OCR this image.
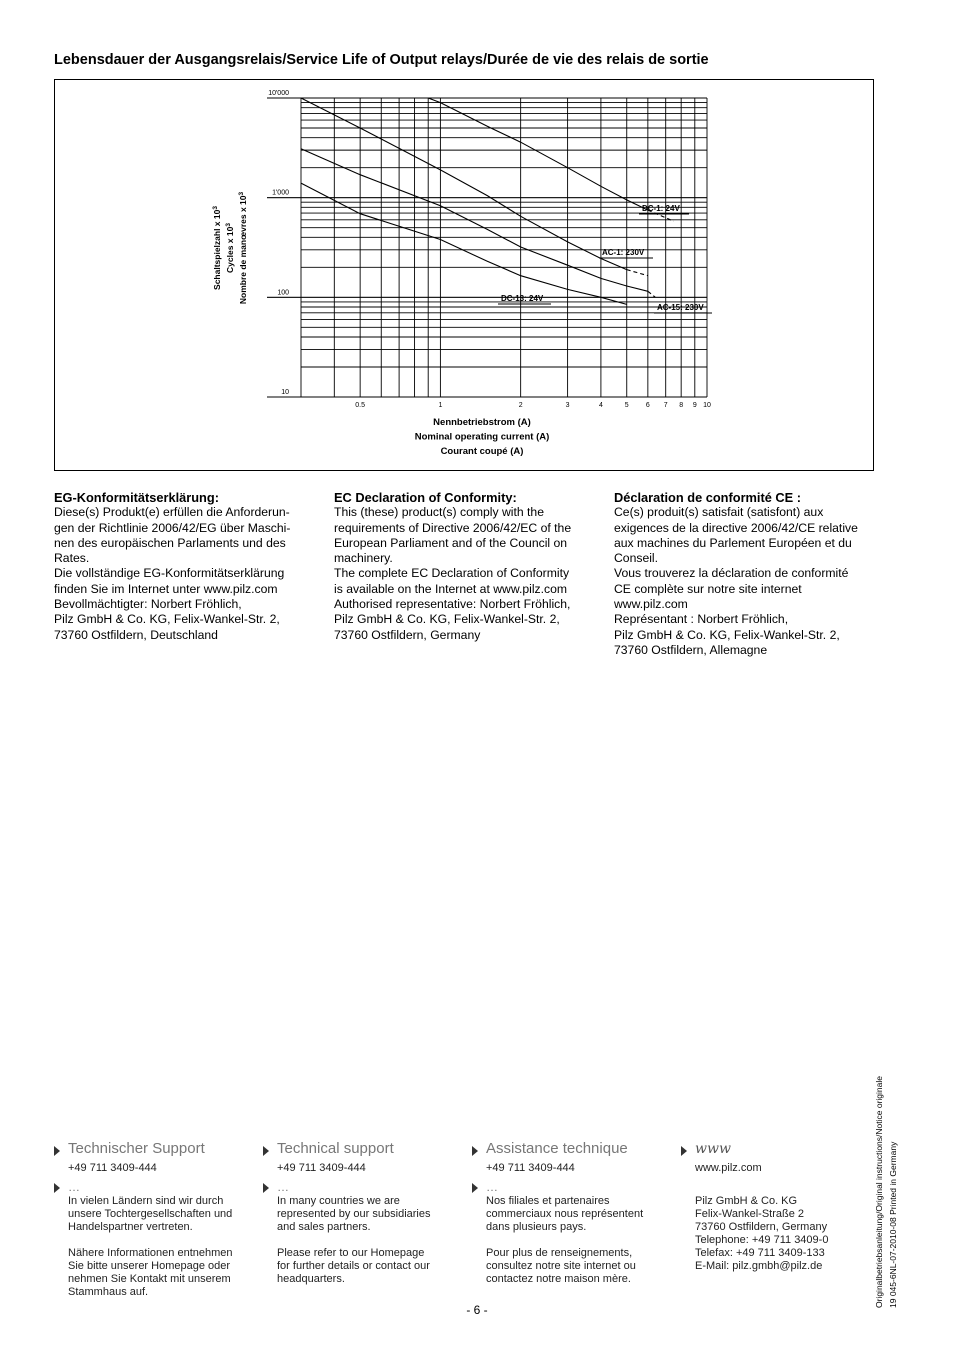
Lebensdauer der Ausgangsrelais/Service Life of Output relays/Durée de vie des relais de sortie
10
100
1'000
10'000
0.5	1	2	3	4	5 6 7 8 9 10
Schaltspielzahl x $10^3$
Cycles x $10^3$ Nombre de manœvres x $10^3$
Nennbetriebstrom (A)
Nominal operating current (A)
Courant coupé (A)
DC-1: 24V
AC-1: 230V
DC-13: 24V
AC-15: 230V
EG-Konformitätserklärung:

Diese(s) Produkt(e) erfüllen die Anforderun-
gen der Richtlinie 2006/42/EG über Maschi-
nen des europäischen Parlaments und des
Rates.
Die vollständige EG-Konformitätserklärung
finden Sie im Internet unter www.pilz.com
Bevollmächtigter: Norbert Fröhlich,
Pilz GmbH & Co. KG, Felix-Wankel-Str. 2,
73760 Ostfildern, Deutschland

EC Declaration of Conformity:

This (these) product(s) comply with the
requirements of Directive 2006/42/EC of the
European Parliament and of the Council on
machinery.
The complete EC Declaration of Conformity
is available on the Internet at www.pilz.com
Authorised representative: Norbert Fröhlich,
Pilz GmbH & Co. KG, Felix-Wankel-Str. 2,
73760 Ostfildern, Germany

Déclaration de conformité CE :

Ce(s) produit(s) satisfait (satisfont) aux
exigences de la directive 2006/42/CE relative
aux machines du Parlement Européen et du
Conseil.
Vous trouverez la déclaration de conformité
CE complète sur notre site internet
www.pilz.com
Représentant : Norbert Fröhlich,
Pilz GmbH & Co. KG, Felix-Wankel-Str. 2,
73760 Ostfildern, Allemagne

Technischer Support
+49 711 3409-444
…
In vielen Ländern sind wir durch
unsere Tochtergesellschaften und
Handelspartner vertreten.

Nähere Informationen entnehmen
Sie bitte unserer Homepage oder
nehmen Sie Kontakt mit unserem
Stammhaus auf.
Technical support
+49 711 3409-444
…
In many countries we are
represented by our subsidiaries
and sales partners.

Please refer to our Homepage
for further details or contact our
headquarters.
Assistance technique
+49 711 3409-444
…
Nos filiales et partenaires
commerciaux nous représentent
dans plusieurs pays.

Pour plus de renseignements,
consultez notre site internet ou
contactez notre maison mère.
www
www.pilz.com
Pilz GmbH & Co. KG
Felix-Wankel-Straße 2
73760 Ostfildern, Germany
Telephone: +49 711 3409-0
Telefax: +49 711 3409-133
E-Mail: pilz.gmbh@pilz.de
- 6 -
Originalbetriebsanleitung/Original instructions/Notice originale 19 045-6NL-07-2010-08 Printed in Germany
